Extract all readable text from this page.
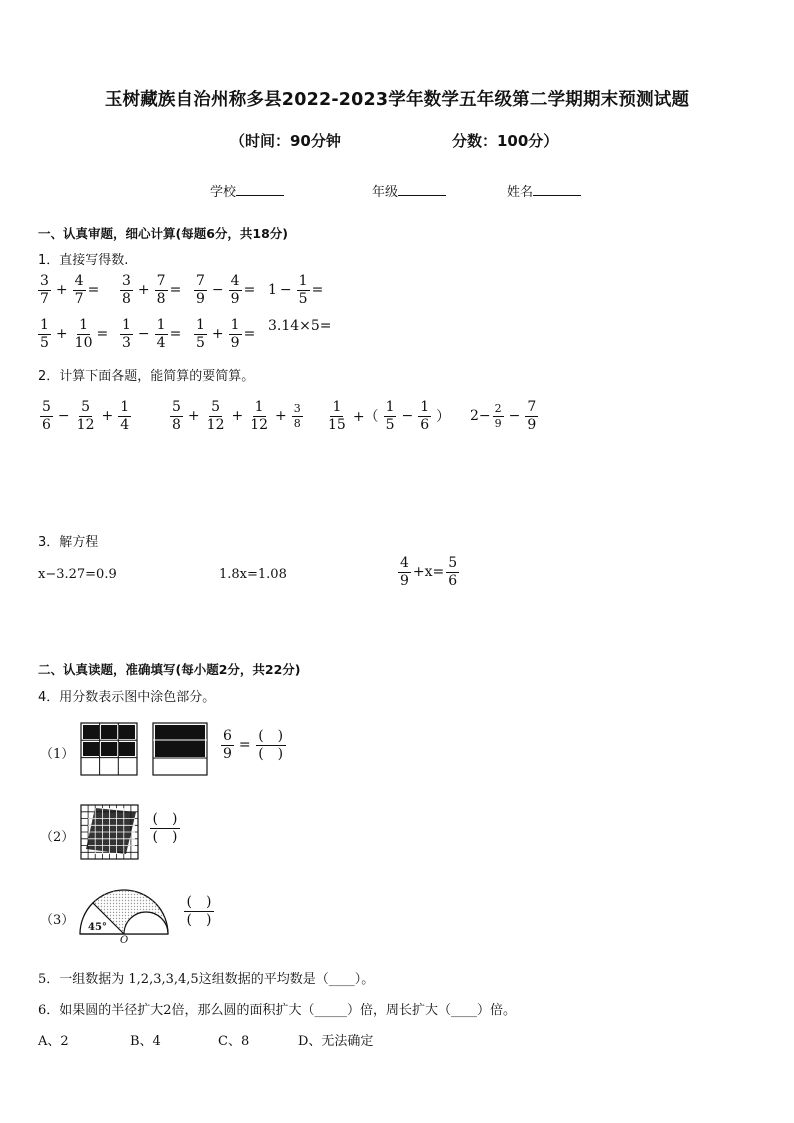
玉树藏族自治州称多县2022-2023学年数学五年级第二学期期末预测试题
（时间：90分钟	分数：100分）
学校	年级	姓名
一、认真审题，细心计算(每题6分，共18分)
1．直接写得数.
$\frac{3}{7} + \frac{4}{7} = \frac{3}{8} + \frac{7}{8} = \frac{7}{9} - \frac{4}{9} = 1 - \frac{1}{5}$ =
$\frac{1}{5} + \frac{1}{10} = \frac{1}{3} - \frac{1}{4} = \frac{1}{5} + \frac{1}{9}$ =
3.14×5=
2．计算下面各题，能简算的要简算。
$\frac{5}{6} - \frac{5}{12} + \frac{1}{4}$	$\frac{5}{8} + \frac{5}{12} + \frac{1}{12} + \frac{3}{8} \frac{1}{15}$ +（ $\frac{1}{5} - \frac{1}{6}$ ） $2- \frac{2}{9} - \frac{7}{9}$
3．解方程
x−3.27=0.9	1.8x=1.08	$\frac{4}{9} +x= \frac{5}{6}$
二、认真读题，准确填写(每小题2分，共22分)
4．用分数表示图中涂色部分。
（1）	$\frac{6}{9} = \frac{( )}{( )}$
（2）	$\frac{( )}{( )}$
（3） 45°
O
$\frac{( )}{( )}$
5．一组数据为 1,2,3,3,4,5这组数据的平均数是（____）。
6．如果圆的半径扩大2倍，那么圆的面积扩大（_____）倍，周长扩大（____）倍。
A、2	B、4	C、8	D、无法确定
